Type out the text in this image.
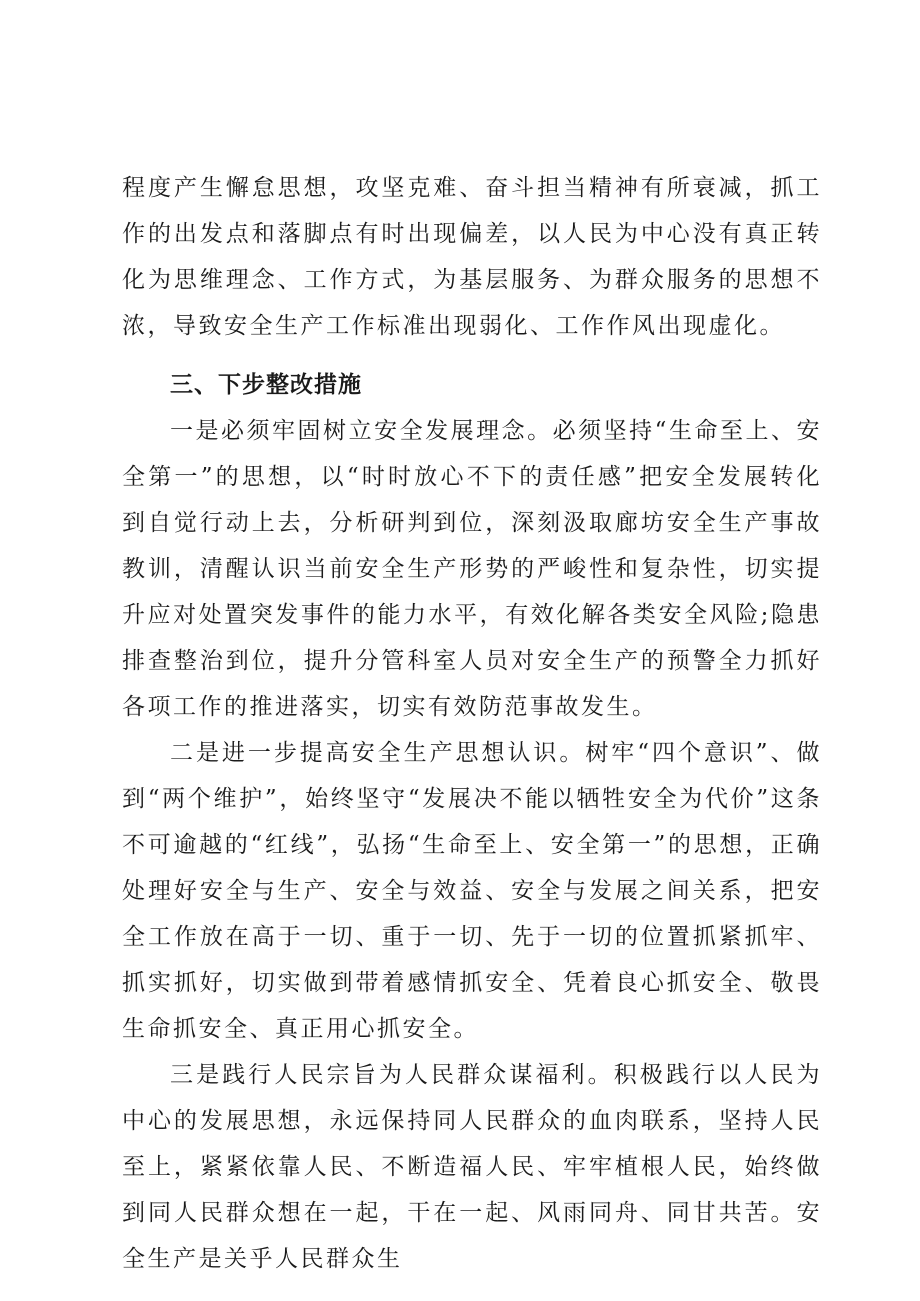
程度产生懈怠思想，攻坚克难、奋斗担当精神有所衰减，抓工作的出发点和落脚点有时出现偏差，以人民为中心没有真正转化为思维理念、工作方式，为基层服务、为群众服务的思想不浓，导致安全生产工作标准出现弱化、工作作风出现虚化。

三、下步整改措施

一是必须牢固树立安全发展理念。必须坚持“生命至上、安全第一”的思想，以“时时放心不下的责任感”把安全发展转化到自觉行动上去，分析研判到位，深刻汲取廊坊安全生产事故教训，清醒认识当前安全生产形势的严峻性和复杂性，切实提升应对处置突发事件的能力水平，有效化解各类安全风险;隐患排查整治到位，提升分管科室人员对安全生产的预警全力抓好各项工作的推进落实，切实有效防范事故发生。

二是进一步提高安全生产思想认识。树牢“四个意识”、做到“两个维护”，始终坚守“发展决不能以牺牲安全为代价”这条不可逾越的“红线”，弘扬“生命至上、安全第一”的思想，正确处理好安全与生产、安全与效益、安全与发展之间关系，把安全工作放在高于一切、重于一切、先于一切的位置抓紧抓牢、抓实抓好，切实做到带着感情抓安全、凭着良心抓安全、敬畏生命抓安全、真正用心抓安全。

三是践行人民宗旨为人民群众谋福利。积极践行以人民为中心的发展思想，永远保持同人民群众的血肉联系，坚持人民至上，紧紧依靠人民、不断造福人民、牢牢植根人民，始终做到同人民群众想在一起，干在一起、风雨同舟、同甘共苦。安全生产是关乎人民群众生
